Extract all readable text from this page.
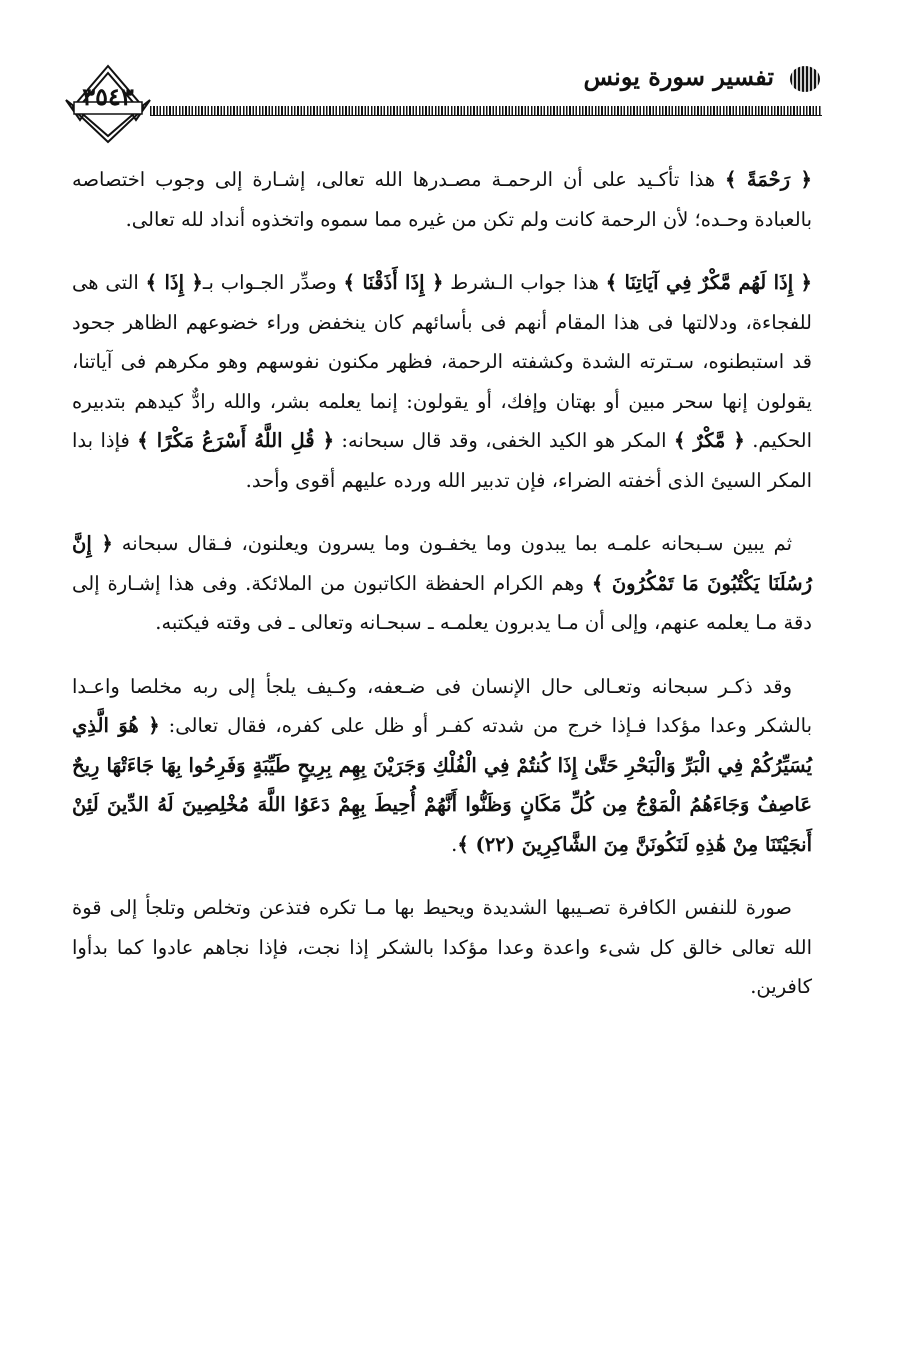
تفسير سورة يونس
٣٥٤٣

﴿ رَحْمَةً ﴾ هذا تأكـيد على أن الرحمـة مصـدرها الله تعالى، إشـارة إلى وجوب اختصاصه بالعبادة وحـده؛ لأن الرحمة كانت ولم تكن من غيره مما سموه واتخذوه أنداد لله تعالى.

﴿ إِذَا لَهُم مَّكْرٌ فِي آيَاتِنَا ﴾ هذا جواب الـشرط ﴿ إِذَا أَذَقْنَا ﴾ وصدِّر الجـواب بـ﴿ إِذَا ﴾ التى هى للفجاءة، ودلالتها فى هذا المقام أنهم فى بأسائهم كان ينخفض وراء خضوعهم الظاهر جحود قد استبطنوه، سـترته الشدة وكشفته الرحمة، فظهر مكنون نفوسهم وهو مكرهم فى آياتنا، يقولون إنها سحر مبين أو بهتان وإفك، أو يقولون: إنما يعلمه بشر، والله رادٌّ كيدهم بتدبيره الحكيم. ﴿ مَّكْرٌ ﴾ المكر هو الكيد الخفى، وقد قال سبحانه: ﴿ قُلِ اللَّهُ أَسْرَعُ مَكْرًا ﴾ فإذا بدا المكر السيئ الذى أخفته الضراء، فإن تدبير الله ورده عليهم أقوى وأحد.

ثم يبين سـبحانه علمـه بما يبدون وما يخفـون وما يسرون ويعلنون، فـقال سبحانه ﴿ إِنَّ رُسُلَنَا يَكْتُبُونَ مَا تَمْكُرُونَ ﴾ وهم الكرام الحفظة الكاتبون من الملائكة. وفى هذا إشـارة إلى دقة مـا يعلمه عنهم، وإلى أن مـا يدبرون يعلمـه ـ سبحـانه وتعالى ـ فى وقته فيكتبه.

وقد ذكـر سبحانه وتعـالى حال الإنسان فى ضـعفه، وكـيف يلجأ إلى ربه مخلصا واعـدا بالشكر وعدا مؤكدا فـإذا خرج من شدته كفـر أو ظل على كفره، فقال تعالى: ﴿ هُوَ الَّذِي يُسَيِّرُكُمْ فِي الْبَرِّ وَالْبَحْرِ حَتَّىٰ إِذَا كُنتُمْ فِي الْفُلْكِ وَجَرَيْنَ بِهِم بِرِيحٍ طَيِّبَةٍ وَفَرِحُوا بِهَا جَاءَتْهَا رِيحٌ عَاصِفٌ وَجَاءَهُمُ الْمَوْجُ مِن كُلِّ مَكَانٍ وَظَنُّوا أَنَّهُمْ أُحِيطَ بِهِمْ دَعَوُا اللَّهَ مُخْلِصِينَ لَهُ الدِّينَ لَئِنْ أَنجَيْتَنَا مِنْ هَٰذِهِ لَنَكُونَنَّ مِنَ الشَّاكِرِينَ (٢٢) ﴾.

صورة للنفس الكافرة تصـيبها الشديدة ويحيط بها مـا تكره فتذعن وتخلص وتلجأ إلى قوة الله تعالى خالق كل شىء واعدة وعدا مؤكدا بالشكر إذا نجت، فإذا نجاهم عادوا كما بدأوا كافرين.
